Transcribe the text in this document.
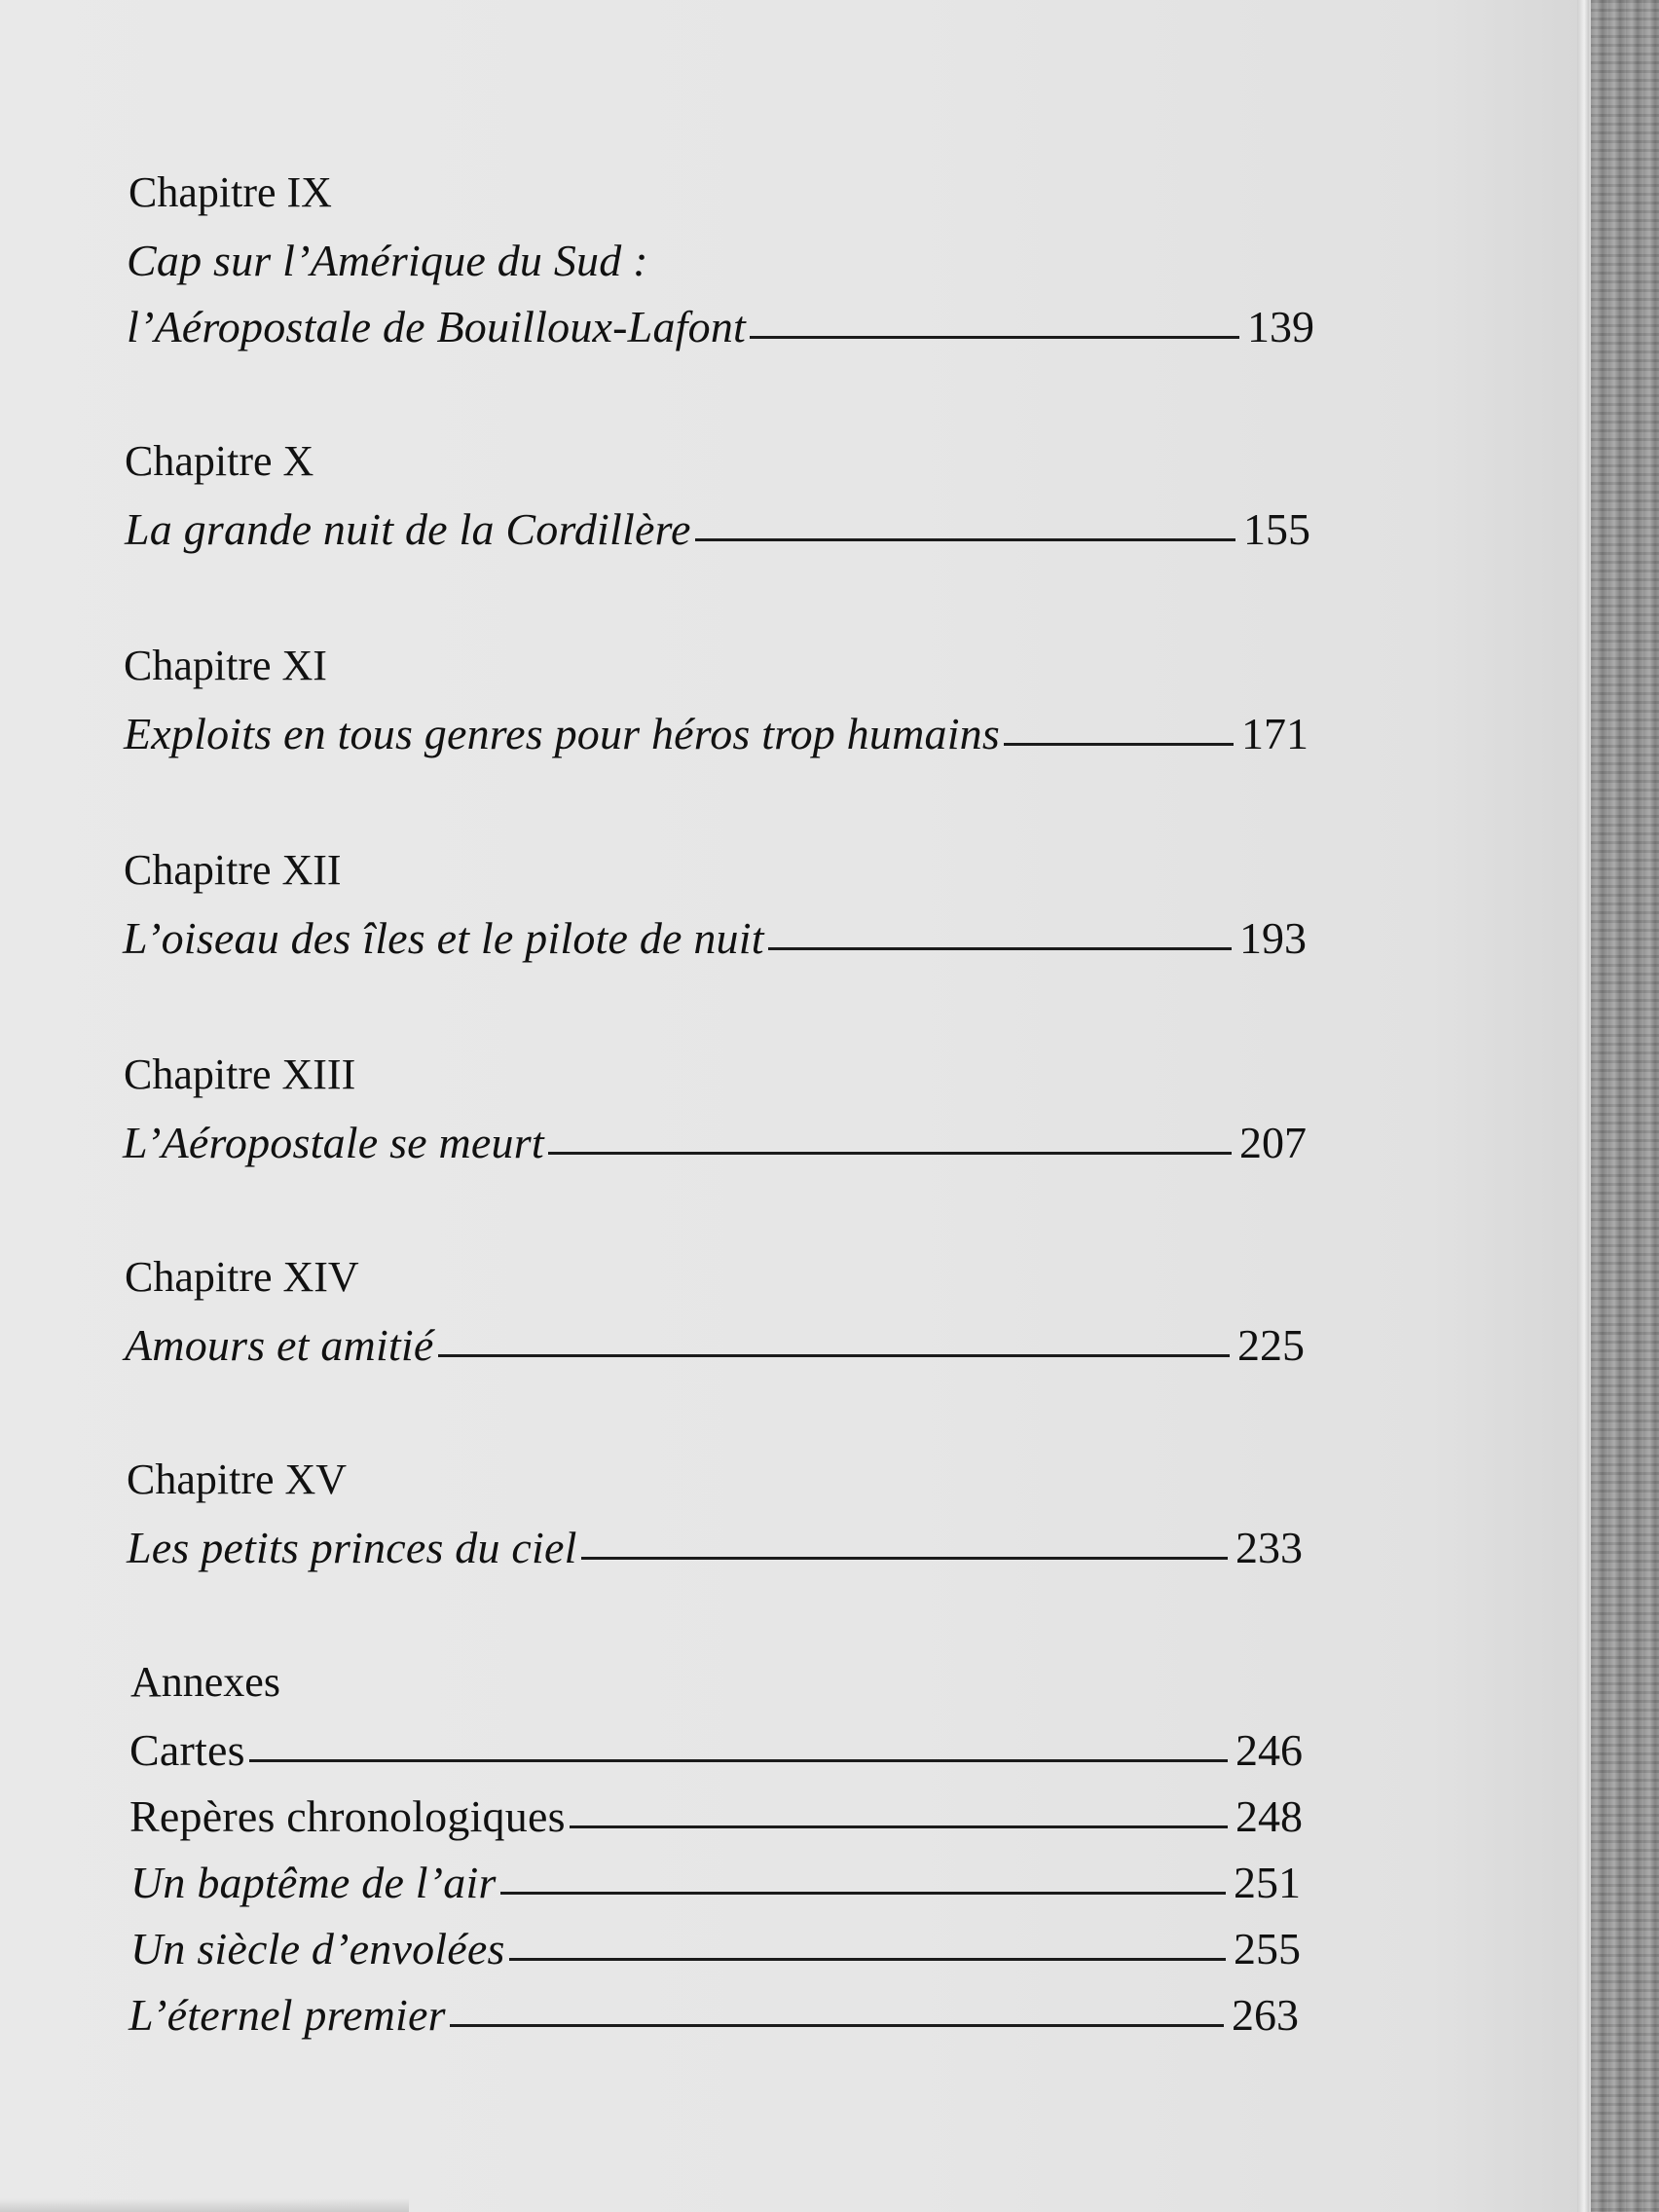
Chapitre IX
Cap sur l’Amérique du Sud :
l’Aéropostale de Bouilloux-Lafont	139
Chapitre X
La grande nuit de la Cordillère	155
Chapitre XI
Exploits en tous genres pour héros trop humains	171
Chapitre XII
L’oiseau des îles et le pilote de nuit	193
Chapitre XIII
L’Aéropostale se meurt	207
Chapitre XIV
Amours et amitié	225
Chapitre XV
Les petits princes du ciel	233
Annexes
Cartes	246
Repères chronologiques	248
Un baptême de l’air	251
Un siècle d’envolées	255
L’éternel premier	263
